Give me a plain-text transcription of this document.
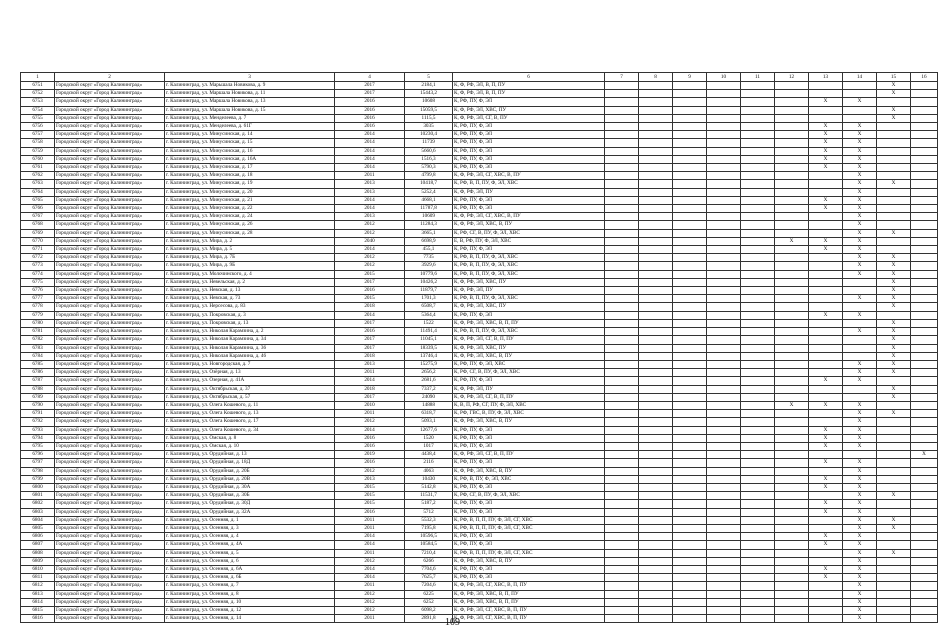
1	2	3	4	5	6	7	8	9	10	11	12	13	14	15	16
6751	Городской округ «Город Калининград»	г. Калининград, ул. Марьшала Новикова, д. 9	2017	2184,1	К, Ф, РФ, ЭЛ, В, П, ПУ									X	
6752	Городской округ «Город Калининград»	г. Калининград, ул. Маршала Новикова, д. 11	2017	15443,2	К, Ф, РФ, ЭЛ, В, П, ПУ									X	
6753	Городской округ «Город Калининград»	г. Калининград, ул. Маршала Новикова, д. 13	2016	10608	К, РФ, ПУ, Ф, ЭЛ							X	X		
6754	Городской округ «Город Калининград»	г. Калининград, ул. Маршала Новикова, д. 15	2016	15059,5	К, Ф, РФ, ЭЛ, ХВС, ПУ									X	
6755	Городской округ «Город Калининград»	г. Калининград, ул. Менделеева, д. 7	2016	1115,5	К, Ф, РФ, ЭЛ, СГ, В, ПУ									X	
6756	Городской округ «Город Калининград»	г. Калининград, ул. Менделеева, д. 61Г	2016	3035	К, РФ, ПУ, Ф, ЭЛ							X	X		
6757	Городской округ «Город Калининград»	г. Калининград, ул. Минусинская, д. 14	2014	10230,4	К, РФ, ПУ, Ф, ЭЛ							X	X		
6758	Городской округ «Город Калининград»	г. Калининград, ул. Минусинская, д. 15	2014	11739	К, РФ, ПУ, Ф, ЭЛ							X	X		
6759	Городской округ «Город Калининград»	г. Калининград, ул. Минусинская, д. 16	2014	5660,6	К, РФ, ПУ, Ф, ЭЛ							X	X		
6760	Городской округ «Город Калининград»	г. Калининград, ул. Минусинская, д. 16А	2014	1516,3	К, РФ, ПУ, Ф, ЭЛ							X	X		
6761	Городской округ «Город Калининград»	г. Калининград, ул. Минусинская, д. 17	2014	5790,3	К, РФ, ПУ, Ф, ЭЛ							X	X		
6762	Городской округ «Город Калининград»	г. Калининград, ул. Минусинская, д. 18	2011	4799,8	К, Ф, РФ, ЭЛ, СГ, ХВС, В, ПУ								X		
6763	Городской округ «Город Калининград»	г. Калининград, ул. Минусинская, д. 19	2013	10418,7	К, РФ, В, П, ПУ, Ф, ЭЛ, ХВС								X	X	
6764	Городской округ «Город Калининград»	г. Калининград, ул. Минусинская, д. 20	2013	5252,4	К, Ф, РФ, ЭЛ, ПУ								X		
6765	Городской округ «Город Калининград»	г. Калининград, ул. Минусинская, д. 21	2014	4668,1	К, РФ, ПУ, Ф, ЭЛ							X	X		
6766	Городской округ «Город Калининград»	г. Калининград, ул. Минусинская, д. 22	2014	11787,8	К, РФ, ПУ, Ф, ЭЛ							X	X		
6767	Городской округ «Город Калининград»	г. Калининград, ул. Минусинская, д. 24	2013	10609	К, Ф, РФ, ЭЛ, СГ, ХВС, В, ПУ								X		
6768	Городской округ «Город Калининград»	г. Калининград, ул. Минусинская, д. 26	2012	11284,3	К, Ф, РФ, ЭЛ, ХВС, В, ПУ								X		
6769	Городской округ «Город Калининград»	г. Калининград, ул. Минусинская, д. 28	2012	3665,1	К, РФ, СГ, В, ПУ, Ф, ЭЛ, ХВС								X	X	
6770	Городской округ «Город Калининград»	г. Калининград, ул. Мира, д. 2	2040	6698,9	Е, В, РФ, ПУ, Ф, ЭЛ, ХВС						X	X	X		
6771	Городской округ «Город Калининград»	г. Калининград, ул. Мира, д. 5	2014	455,1	К, РФ, ПУ, Ф, ЭЛ							X	X		
6772	Городской округ «Город Калининград»	г. Калининград, ул. Мира, д. 7Б	2012	7735	К, РФ, В, П, ПУ, Ф, ЭЛ, ХВС								X	X	
6773	Городской округ «Город Калининград»	г. Калининград, ул. Мира, д. 9Б	2012	3929,6	К, РФ, В, П, ПУ, Ф, ЭЛ, ХВС								X	X	
6774	Городской округ «Город Калининград»	г. Калининград, ул. Молочинского, д. 4	2015	10779,6	К, РФ, В, П, ПУ, Ф, ЭЛ, ХВС								X	X	
6775	Городской округ «Город Калининград»	г. Калининград, ул. Невельская, д. 2	2017	10426,2	К, Ф, РФ, ЭЛ, ХВС, ПУ									X	
6776	Городской округ «Город Калининград»	г. Калининград, ул. Невская, д. 13	2016	11879,7	К, Ф, РФ, ЭЛ, ПУ									X	
6777	Городской округ «Город Калининград»	г. Калининград, ул. Невская, д. 73	2015	1701,3	К, РФ, В, П, ПУ, Ф, ЭЛ, ХВС								X	X	
6778	Городской округ «Город Калининград»	г. Калининград, ул. Нерсесова, д. 83	2018	6508,7	К, Ф, РФ, ЭЛ, ХВС, ПУ									X	
6779	Городской округ «Город Калининград»	г. Калининград, ул. Покровская, д. 3	2014	5364,4	К, РФ, ПУ, Ф, ЭЛ							X	X		
6780	Городской округ «Город Калининград»	г. Калининград, ул. Покровская, д. 13	2017	1522	К, Ф, РФ, ЭЛ, ХВС, В, П, ПУ									X	
6781	Городской округ «Город Калининград»	г. Калининград, ул. Николая Карамзина, д. 2	2016	11491,4	К, РФ, В, П, ПУ, Ф, ЭЛ, ХВС								X	X	
6782	Городской округ «Город Калининград»	г. Калининград, ул. Николая Карамзина, д. 34	2017	11045,1	К, Ф, РФ, ЭЛ, СГ, В, П, ПУ									X	
6783	Городской округ «Город Калининград»	г. Калининград, ул. Николая Карамзина, д. 36	2017	18339,5	К, Ф, РФ, ЭЛ, ХВС, ПУ									X	
6784	Городской округ «Город Калининград»	г. Калининград, ул. Николая Карамзина, д. 46	2018	13746,4	К, Ф, РФ, ЭЛ, ХВС, В, ПУ									X	
6785	Городской округ «Город Калининград»	г. Калининград, ул. Новгородская, д. 7	2013	15275,9	К, РФ, ПУ, Ф, ЭЛ, ХВС								X	X	
6786	Городской округ «Город Калининград»	г. Калининград, ул. Озёрная, д. 13	2011	2656,2	К, РФ, СГ, В, ПУ, Ф, ЭЛ, ХВС								X	X	
6787	Городской округ «Город Калининград»	г. Калининград, ул. Озерная, д. 41А	2014	2681,6	К, РФ, ПУ, Ф, ЭЛ							X	X		
6788	Городской округ «Город Калининград»	г. Калининград, ул. Октябрьская, д. 37	2018	7337,2	К, Ф, РФ, ЭЛ, ПУ									X	
6789	Городской округ «Город Калининград»	г. Калининград, ул. Октябрьская, д. 57	2017	24090	К, Ф, РФ, ЭЛ, СГ, В, П, ПУ									X	
6790	Городской округ «Город Калининград»	г. Калининград, ул. Олега Кошевого, д. 11	2010	14888	К, В, П, РФ, СГ, ПУ, Ф, ЭЛ, ХВС						X	X	X		
6791	Городской округ «Город Калининград»	г. Калининград, ул. Олега Кошевого, д. 13	2011	6318,7	К, РФ, ГВС, В, ПУ, Ф, ЭЛ, ХВС								X	X	
6792	Городской округ «Город Калининград»	г. Калининград, ул. Олега Кошевого, д. 17	2012	5093,1	К, Ф, РФ, ЭЛ, ХВС, В, ПУ								X		
6793	Городской округ «Город Калининград»	г. Калининград, ул. Олега Кошевого, д. 34	2014	12677,6	К, РФ, ПУ, Ф, ЭЛ							X	X		
6794	Городской округ «Город Калининград»	г. Калининград, ул. Омская, д. 8	2016	1520	К, РФ, ПУ, Ф, ЭЛ							X	X		
6795	Городской округ «Город Калининград»	г. Калининград, ул. Омская, д. 10	2016	1017	К, РФ, ПУ, Ф, ЭЛ							X	X		
6796	Городской округ «Город Калининград»	г. Калининград, ул. Орудийная, д. 13	2019	4438,4	К, Ф, РФ, ЭЛ, СГ, В, П, ПУ										X
6797	Городской округ «Город Калининград»	г. Калининград, ул. Орудийная, д. 18Д	2016	2116	К, РФ, ПУ, Ф, ЭЛ							X	X		
6798	Городской округ «Город Калининград»	г. Калининград, ул. Орудийная, д. 20Б	2012	4063	К, Ф, РФ, ЭЛ, ХВС, В, ПУ								X		
6799	Городской округ «Город Калининград»	г. Калининград, ул. Орудийная, д. 20В	2013	10430	К, РФ, В, ПУ, Ф, ЭЛ, ХВС							X	X		
6800	Городской округ «Город Калининград»	г. Калининград, ул. Орудийная, д. 30А	2015	5142,8	К, РФ, ПУ, Ф, ЭЛ							X	X		
6801	Городской округ «Город Калининград»	г. Калининград, ул. Орудийная, д. 30Б	2015	11531,7	К, РФ, СГ, В, ПУ, Ф, ЭЛ, ХВС								X	X	
6802	Городской округ «Город Калининград»	г. Калининград, ул. Орудийная, д. 30Д	2015	5187,2	К, РФ, ПУ, Ф, ЭЛ							X	X		
6803	Городской округ «Город Калининград»	г. Калининград, ул. Орудийная, д. 32А	2016	5712	К, РФ, ПУ, Ф, ЭЛ							X	X		
6804	Городской округ «Город Калининград»	г. Калининград, ул. Осенняя, д. 1	2011	5532,3	К, РФ, В, П, П, ПУ, Ф, ЭЛ, СГ, ХВС								X	X	
6805	Городской округ «Город Калининград»	г. Калининград, ул. Осенняя, д. 3	2011	7195,8	К, РФ, В, П, П, ПУ, Ф, ЭЛ, СГ, ХВС								X	X	
6806	Городской округ «Город Калининград»	г. Калининград, ул. Осенняя, д. 4	2014	10596,5	К, РФ, ПУ, Ф, ЭЛ							X	X		
6807	Городской округ «Город Калининград»	г. Калининград, ул. Осенняя, д. 4А	2014	10584,5	К, РФ, ПУ, Ф, ЭЛ							X	X		
6808	Городской округ «Город Калининград»	г. Калининград, ул. Осенняя, д. 5	2011	7210,4	К, РФ, В, П, П, ПУ, Ф, ЭЛ, СГ, ХВС								X	X	
6809	Городской округ «Город Калининград»	г. Калининград, ул. Осенняя, д. 6	2012	6266	К, Ф, РФ, ЭЛ, ХВС, В, ПУ								X		
6810	Городской округ «Город Калининград»	г. Калининград, ул. Осенняя, д. 6А	2014	7704,6	К, РФ, ПУ, Ф, ЭЛ							X	X		
6811	Городской округ «Город Калининград»	г. Калининград, ул. Осенняя, д. 6Б	2014	7625,7	К, РФ, ПУ, Ф, ЭЛ							X	X		
6812	Городской округ «Город Калининград»	г. Калининград, ул. Осенняя, д. 7	2011	7204,6	К, Ф, РФ, ЭЛ, СГ, ХВС, В, П, ПУ								X		
6813	Городской округ «Город Калининград»	г. Калининград, ул. Осенняя, д. 8	2012	6225	К, Ф, РФ, ЭЛ, ХВС, В, П, ПУ								X		
6814	Городской округ «Город Калининград»	г. Калининград, ул. Осенняя, д. 10	2012	6252	К, Ф, РФ, ЭЛ, ХВС, В, П, ПУ								X		
6815	Городской округ «Город Калининград»	г. Калининград, ул. Осенняя, д. 12	2012	6098,2	К, Ф, РФ, ЭЛ, СГ, ХВС, В, П, ПУ								X		
6816	Городской округ «Город Калининград»	г. Калининград, ул. Осенняя, д. 14	2011	2891,8	К, Ф, РФ, ЭЛ, СГ, ХВС, В, П, ПУ								X		
109
